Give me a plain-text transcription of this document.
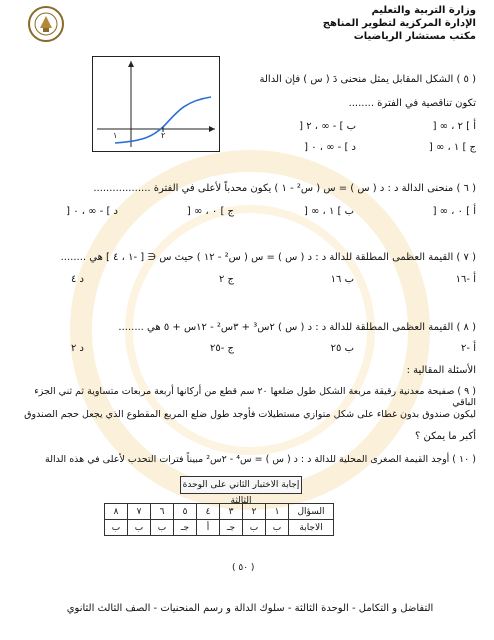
وزارة التربية والتعليم
الإدارة المركزية لتطوير المناهج
مكتب مستشار الرياضيات
١	٢
( ٥ ) الشكل المقابل يمثل منحنى دَ ( س ) فإن الدالة
تكون تناقصية في الفترة ........
ﺃ ] ٢ ، ∞ [
ﺏ ] - ∞ ، ٢ [
ﺝ ] ١ ، ∞ [
ﺩ ] - ∞ ، ٠ [
( ٦ ) منحنى الدالة د : د ( س ) = س ( س² - ١ ) يكون محدباً لأعلى في الفترة ..................
ﺃ ] ٠ ، ∞ [
ﺏ ] ١ ، ∞ [
ﺝ ] ٠ ، ∞ [
ﺩ ] - ∞ ، ٠ [
( ٧ ) القيمة العظمى المطلقة للدالة د : د ( س ) = س ( س² - ١٢ ) حيث س ∈ [ -١ ، ٤ ] هي ........
ﺃ -١٦
ﺏ ١٦
ﺝ ٢
ﺩ ٤
( ٨ ) القيمة العظمى المطلقة للدالة د : د ( س ) ٢س³ + ٣س² - ١٢س + ٥ هي ........
ﺃ -٢
ﺏ ٢٥
ﺝ -٢٥
ﺩ ٢
الأسئلة المقالية :
( ٩ ) صفيحة معدنية رقيقة مربعة الشكل طول ضلعها ٢٠ سم قطع من أركانها أربعة مربعات متساوية ثم ثني الجزء الباقي
ليكون صندوق بدون غطاء على شكل متوازي مستطيلات فأوجد طول ضلع المربع المقطوع الذي يجعل حجم الصندوق
أكبر ما يمكن ؟
( ١٠ ) أوجد القيمة الصغرى المحلية للدالة د : د ( س ) = س⁴ - ٢س² مبيناً فترات التحدب لأعلى في هذه الدالة
إجابة الاختبار الثاني على الوحدة الثالثة
السؤال	١	٢	٣	٤	٥	٦	٧	٨
الاجابة	ب	ب	جـ	أ	جـ	ب	ب	ب
( ٥٠ )
التفاضل و التكامل - الوحدة الثالثة - سلوك الدالة و رسم المنحنيات - الصف الثالث الثانوي
